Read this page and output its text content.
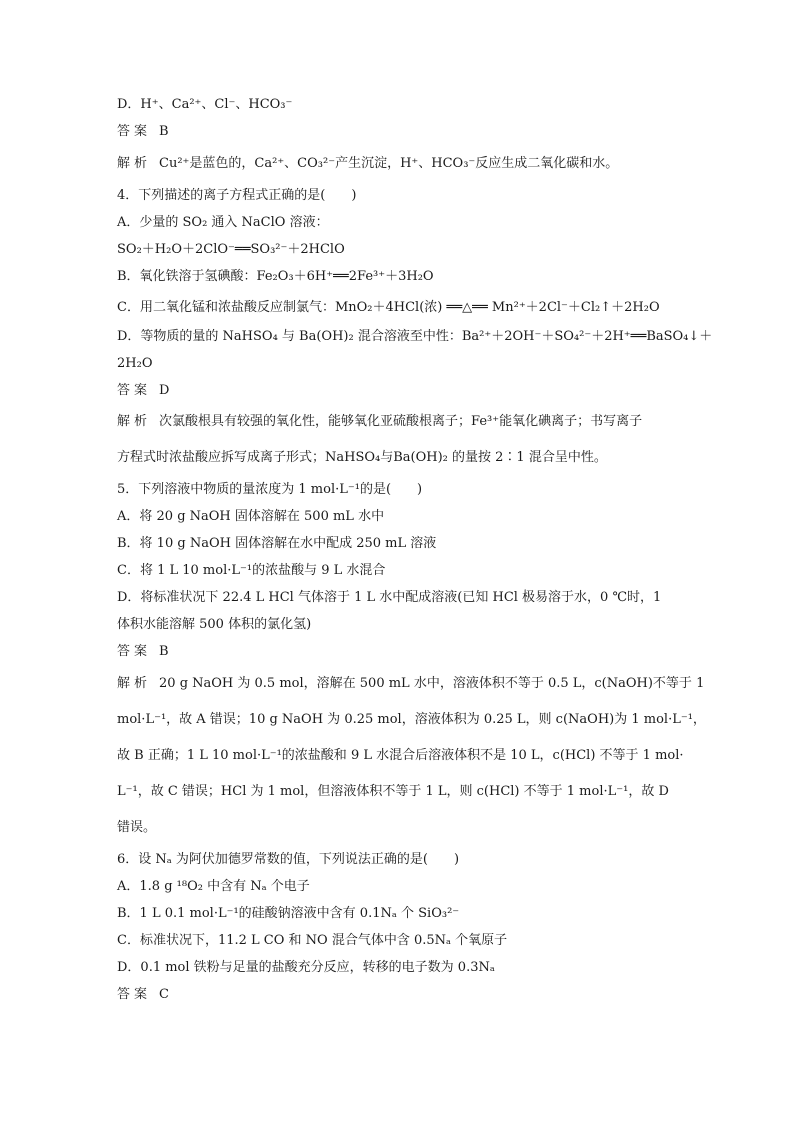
D．H⁺、Ca²⁺、Cl⁻、HCO₃⁻
答案 B
解析 Cu²⁺是蓝色的，Ca²⁺、CO₃²⁻产生沉淀，H⁺、HCO₃⁻反应生成二氧化碳和水。
4．下列描述的离子方程式正确的是(　　)
A．少量的 SO₂ 通入 NaClO 溶液：
SO₂＋H₂O＋2ClO⁻══SO₃²⁻＋2HClO
B．氧化铁溶于氢碘酸：Fe₂O₃＋6H⁺══2Fe³⁺＋3H₂O
C．用二氧化锰和浓盐酸反应制氯气：MnO₂＋4HCl(浓) ══△══ Mn²⁺＋2Cl⁻＋Cl₂↑＋2H₂O
D．等物质的量的 NaHSO₄ 与 Ba(OH)₂ 混合溶液至中性：Ba²⁺＋2OH⁻＋SO₄²⁻＋2H⁺══BaSO₄↓＋
2H₂O
答案 D
解析 次氯酸根具有较强的氧化性，能够氧化亚硫酸根离子；Fe³⁺能氧化碘离子；书写离子
方程式时浓盐酸应拆写成离子形式；NaHSO₄与Ba(OH)₂ 的量按 2∶1 混合呈中性。
5．下列溶液中物质的量浓度为 1 mol·L⁻¹的是(　　)
A．将 20 g NaOH 固体溶解在 500 mL 水中
B．将 10 g NaOH 固体溶解在水中配成 250 mL 溶液
C．将 1 L 10 mol·L⁻¹的浓盐酸与 9 L 水混合
D．将标准状况下 22.4 L HCl 气体溶于 1 L 水中配成溶液(已知 HCl 极易溶于水，0 ℃时，1
体积水能溶解 500 体积的氯化氢)
答案 B
解析 20 g NaOH 为 0.5 mol，溶解在 500 mL 水中，溶液体积不等于 0.5 L，c(NaOH)不等于 1
mol·L⁻¹，故 A 错误；10 g NaOH 为 0.25 mol，溶液体积为 0.25 L，则 c(NaOH)为 1 mol·L⁻¹，
故 B 正确；1 L 10 mol·L⁻¹的浓盐酸和 9 L 水混合后溶液体积不是 10 L，c(HCl) 不等于 1 mol·
L⁻¹，故 C 错误；HCl 为 1 mol，但溶液体积不等于 1 L，则 c(HCl) 不等于 1 mol·L⁻¹，故 D
错误。
6．设 Nₐ 为阿伏加德罗常数的值，下列说法正确的是(　　)
A．1.8 g ¹⁸O₂ 中含有 Nₐ 个电子
B．1 L 0.1 mol·L⁻¹的硅酸钠溶液中含有 0.1Nₐ 个 SiO₃²⁻
C．标准状况下，11.2 L CO 和 NO 混合气体中含 0.5Nₐ 个氧原子
D．0.1 mol 铁粉与足量的盐酸充分反应，转移的电子数为 0.3Nₐ
答案 C
